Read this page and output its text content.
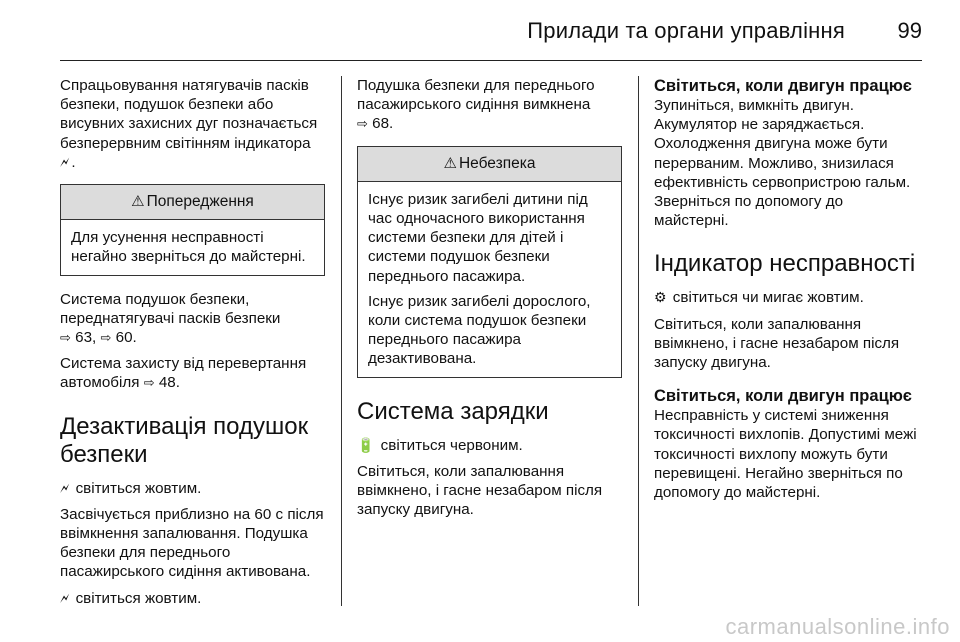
Прилади та органи управління 99

Спрацьовування натягувачів пасків безпеки, подушок безпеки або висувних захисних дуг позначається безперервним світінням індикатора 🗲 .

⚠ Попередження

Для усунення несправності негайно зверніться до майстерні.

Система подушок безпеки, переднатягувачі пасків безпеки
⇨ 63, ⇨ 60.

Система захисту від перевертання автомобіля ⇨ 48.

Дезактивація подушок безпеки

🗲 світиться жовтим.

Засвічується приблизно на 60 с після ввімкнення запалювання. Подушка безпеки для переднього пасажирського сидіння активована.

🗲 світиться жовтим.

Подушка безпеки для переднього пасажирського сидіння вимкнена
⇨ 68.

⚠ Небезпека

Існує ризик загибелі дитини під час одночасного використання системи безпеки для дітей і системи подушок безпеки переднього пасажира.

Існує ризик загибелі дорослого, коли система подушок безпеки переднього пасажира дезактивована.

Система зарядки

🔋 світиться червоним.

Світиться, коли запалювання ввімкнено, і гасне незабаром після запуску двигуна.

Світиться, коли двигун працює

Зупиніться, вимкніть двигун. Акумулятор не заряджається. Охолодження двигуна може бути перерваним. Можливо, знизилася ефективність сервопристрою гальм. Зверніться по допомогу до майстерні.

Індикатор несправності

⚙ світиться чи мигає жовтим.

Світиться, коли запалювання ввімкнено, і гасне незабаром після запуску двигуна.

Світиться, коли двигун працює

Несправність у системі зниження токсичності вихлопів. Допустимі межі токсичності вихлопу можуть бути перевищені. Негайно зверніться по допомогу до майстерні.

carmanualsonline.info
